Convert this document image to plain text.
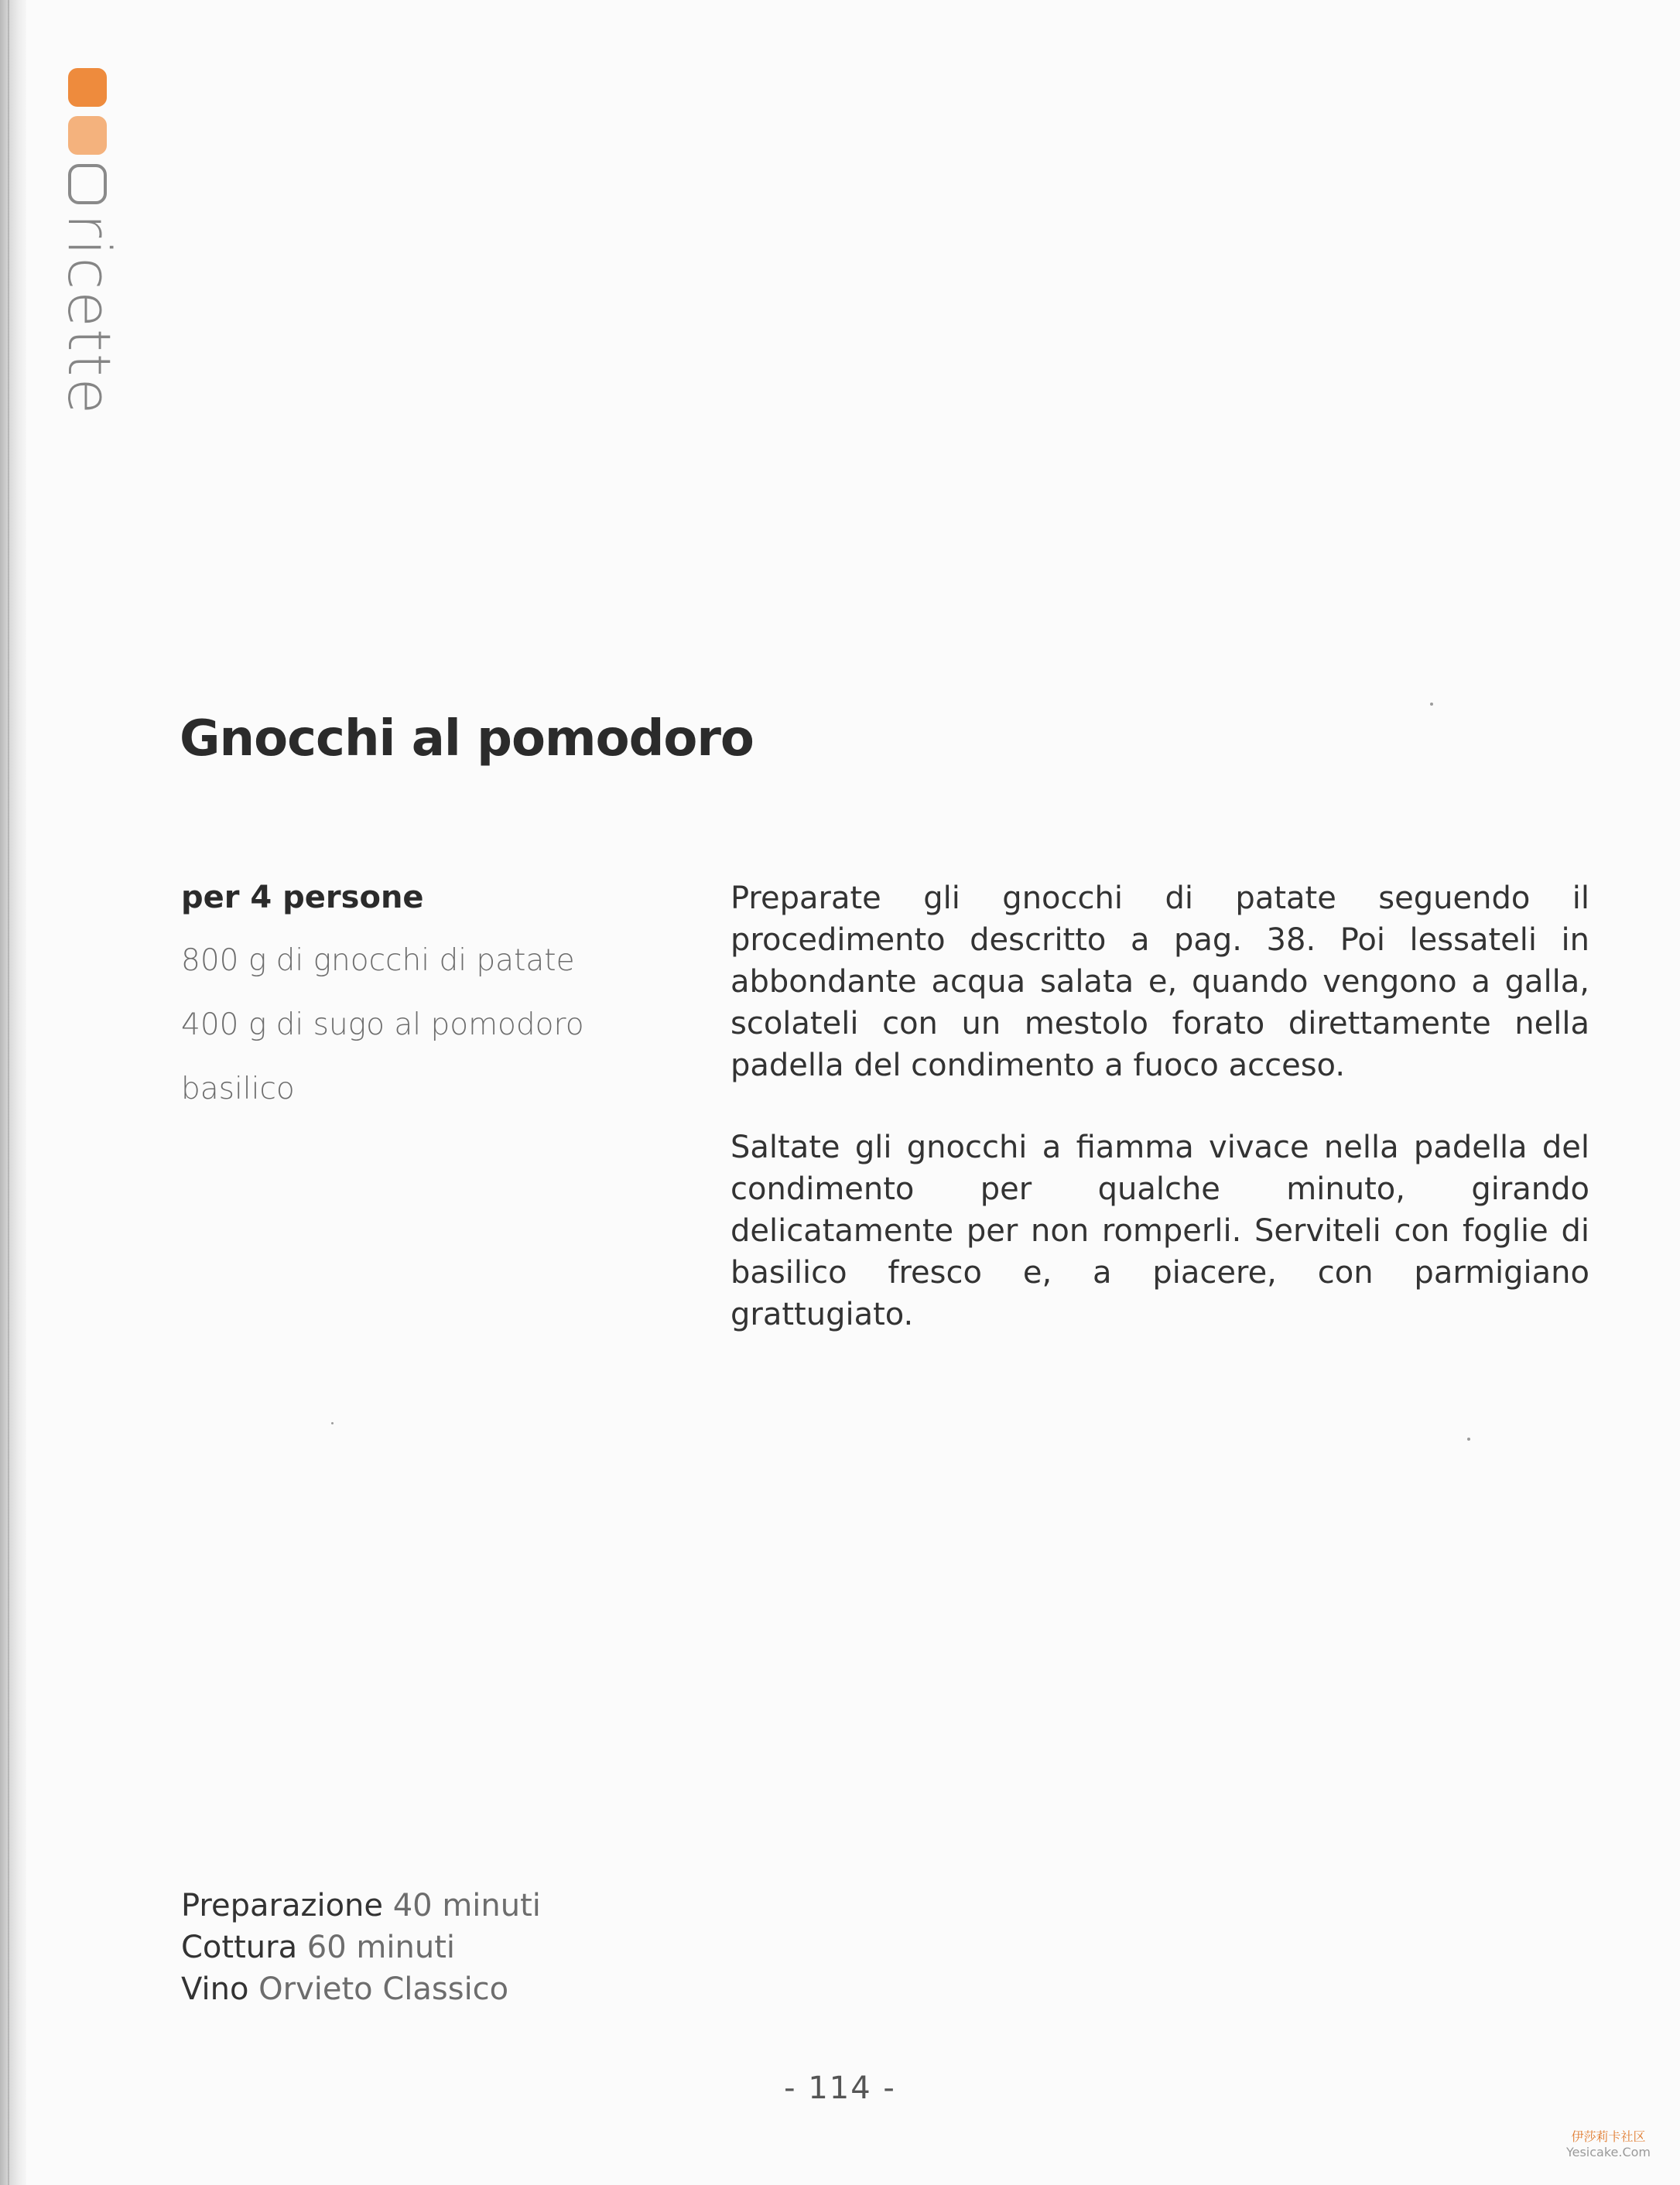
ricette
Gnocchi al pomodoro

per 4 persone

800 g di gnocchi di patate
400 g di sugo al pomodoro
basilico

Preparate gli gnocchi di patate seguendo il procedimento descritto a pag. 38. Poi lessateli in abbondante acqua salata e, quando vengono a galla, scolateli con un mestolo forato direttamente nella padella del condimento a fuoco acceso.

Saltate gli gnocchi a fiamma vivace nella padella del condimento per qualche minuto, girando delicatamente per non romperli. Serviteli con foglie di basilico fresco e, a piacere, con parmigiano grattugiato.

Preparazione 40 minuti
Cottura 60 minuti
Vino Orvieto Classico
- 114 -
伊莎莉卡社区
Yesicake.Com
